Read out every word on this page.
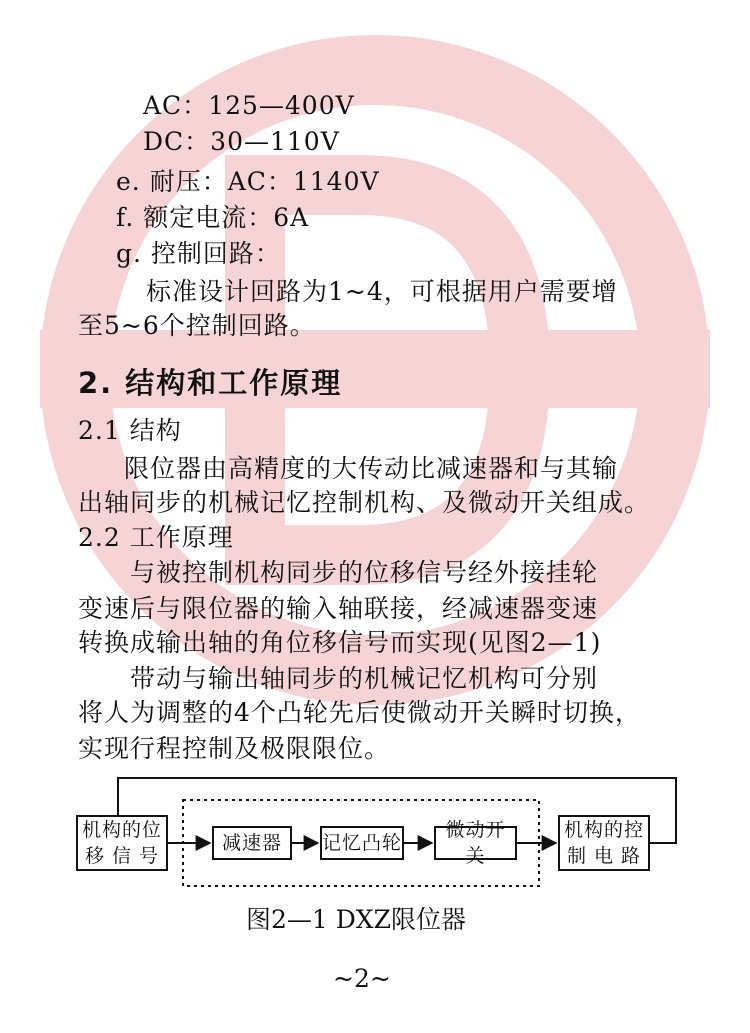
AC：125—400V
DC：30—110V
e. 耐压：AC：1140V
f. 额定电流：6A
g. 控制回路：
标准设计回路为1~4，可根据用户需要增
至5~6个控制回路。
2. 结构和工作原理
2.1 结构
限位器由高精度的大传动比减速器和与其输
出轴同步的机械记忆控制机构、及微动开关组成。
2.2 工作原理
与被控制机构同步的位移信号经外接挂轮
变速后与限位器的输入轴联接，经减速器变速
转换成输出轴的角位移信号而实现(见图2—1)
带动与输出轴同步的机械记忆机构可分别
将人为调整的4个凸轮先后使微动开关瞬时切换，
实现行程控制及极限限位。
机构的位
移 信 号
减速器	记忆凸轮
微动开关
机构的控
制 电 路
图2—1 DXZ限位器
~2~
